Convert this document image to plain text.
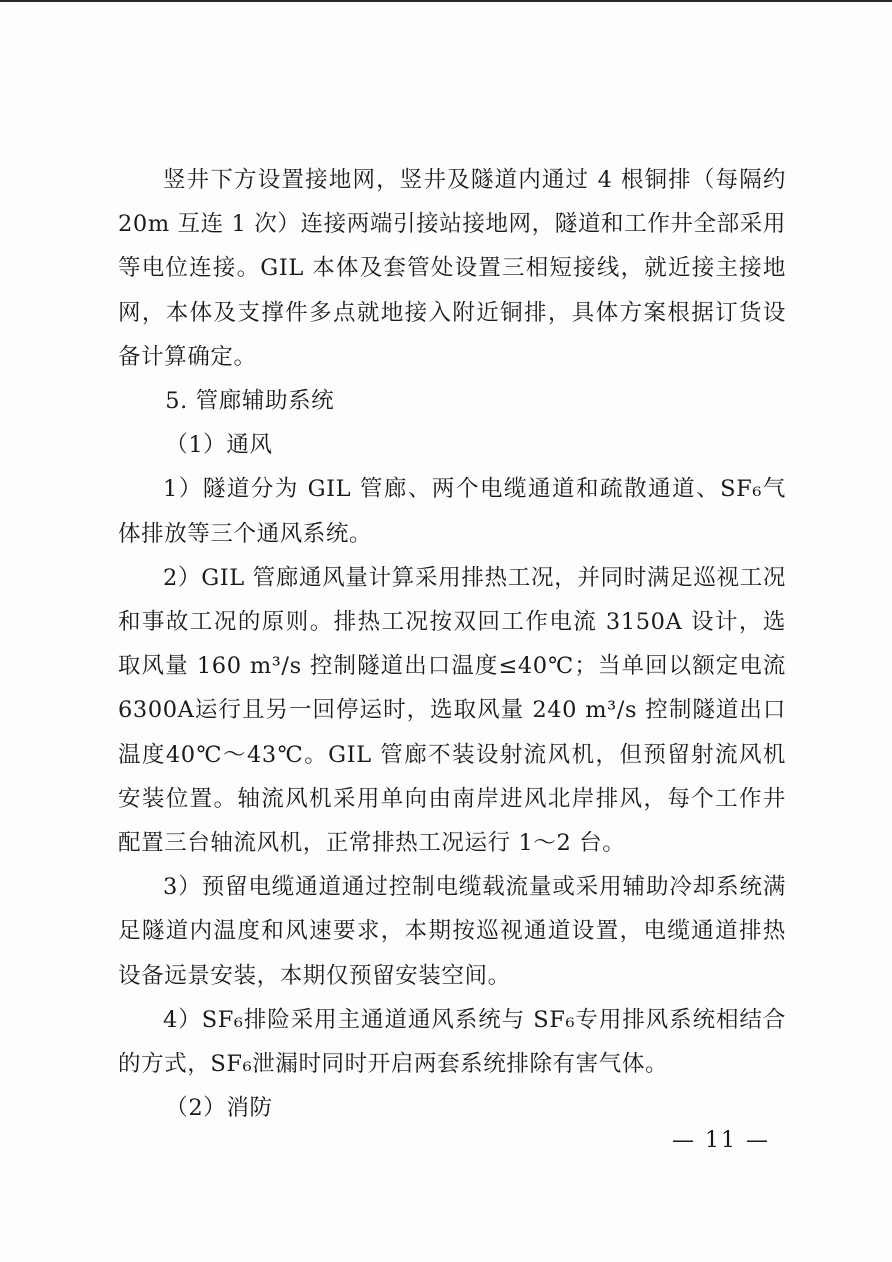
竖井下方设置接地网，竖井及隧道内通过 4 根铜排（每隔约20m 互连 1 次）连接两端引接站接地网，隧道和工作井全部采用等电位连接。GIL 本体及套管处设置三相短接线，就近接主接地网，本体及支撑件多点就地接入附近铜排，具体方案根据订货设备计算确定。

5. 管廊辅助系统

（1）通风

1）隧道分为 GIL 管廊、两个电缆通道和疏散通道、SF₆气体排放等三个通风系统。

2）GIL 管廊通风量计算采用排热工况，并同时满足巡视工况和事故工况的原则。排热工况按双回工作电流 3150A 设计，选取风量 160 m³/s 控制隧道出口温度≤40℃；当单回以额定电流 6300A运行且另一回停运时，选取风量 240 m³/s 控制隧道出口温度40℃～43℃。GIL 管廊不装设射流风机，但预留射流风机安装位置。轴流风机采用单向由南岸进风北岸排风，每个工作井配置三台轴流风机，正常排热工况运行 1～2 台。

3）预留电缆通道通过控制电缆载流量或采用辅助冷却系统满足隧道内温度和风速要求，本期按巡视通道设置，电缆通道排热设备远景安装，本期仅预留安装空间。

4）SF₆排险采用主通道通风系统与 SF₆专用排风系统相结合的方式，SF₆泄漏时同时开启两套系统排除有害气体。

（2）消防

— 11 —
